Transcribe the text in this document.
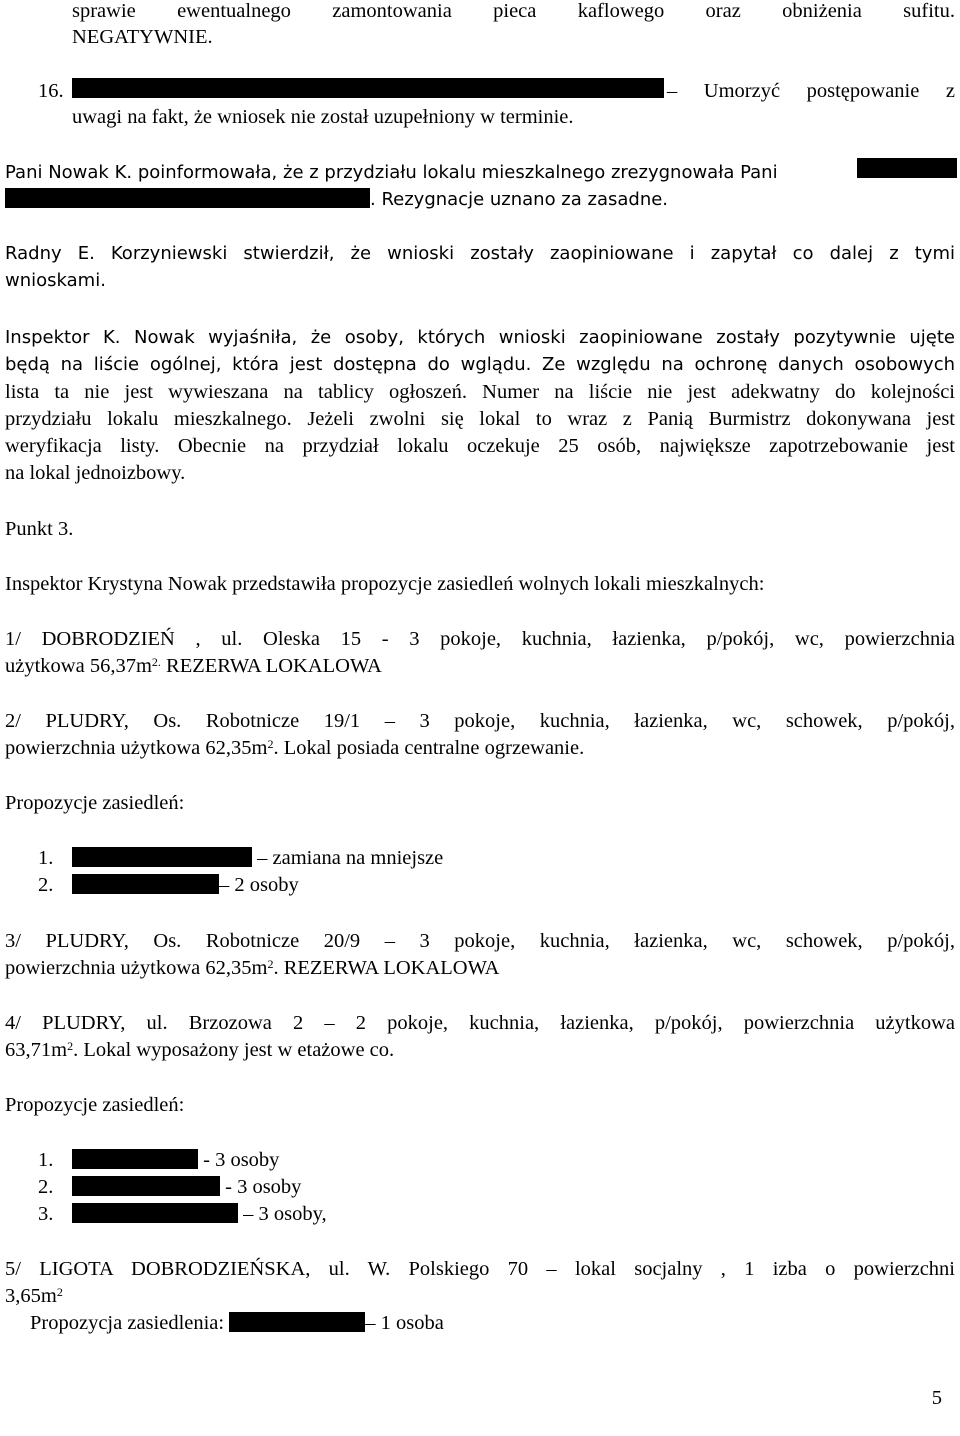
sprawie ewentualnego zamontowania pieca kaflowego oraz obniżenia sufitu.
NEGATYWNIE.
16.	– Umorzyć postępowanie z
uwagi na fakt, że wniosek nie został uzupełniony w terminie.
Pani Nowak K. poinformowała, że z przydziału lokalu mieszkalnego zrezygnowała Pani
. Rezygnacje uznano za zasadne.
Radny E. Korzyniewski stwierdził, że wnioski zostały zaopiniowane i zapytał co dalej z tymi
wnioskami.
Inspektor K. Nowak wyjaśniła, że osoby, których wnioski zaopiniowane zostały pozytywnie ujęte
będą na liście ogólnej, która jest dostępna do wglądu. Ze względu na ochronę danych osobowych
lista ta nie jest wywieszana na tablicy ogłoszeń. Numer na liście nie jest adekwatny do kolejności
przydziału lokalu mieszkalnego. Jeżeli zwolni się lokal to wraz z Panią Burmistrz dokonywana jest
weryfikacja listy. Obecnie na przydział lokalu oczekuje 25 osób, największe zapotrzebowanie jest
na lokal jednoizbowy.
Punkt 3.
Inspektor Krystyna Nowak przedstawiła propozycje zasiedleń wolnych lokali mieszkalnych:
1/ DOBRODZIEŃ , ul. Oleska 15 - 3 pokoje, kuchnia, łazienka, p/pokój, wc, powierzchnia
użytkowa $56,37m^{2.}$ REZERWA LOKALOWA
2/ PLUDRY, Os. Robotnicze 19/1 – 3 pokoje, kuchnia, łazienka, wc, schowek, p/pokój,
powierzchnia użytkowa $62,35m^2$. Lokal posiada centralne ogrzewanie.
Propozycje zasiedleń:
1.	– zamiana na mniejsze
2.	– 2 osoby
3/ PLUDRY, Os. Robotnicze 20/9 – 3 pokoje, kuchnia, łazienka, wc, schowek, p/pokój,
powierzchnia użytkowa $62,35m^2$. REZERWA LOKALOWA
4/ PLUDRY, ul. Brzozowa 2 – 2 pokoje, kuchnia, łazienka, p/pokój, powierzchnia użytkowa
$63,71m^2$. Lokal wyposażony jest w etażowe co.
Propozycje zasiedleń:
1.	- 3 osoby
2.	- 3 osoby
3.	– 3 osoby,
5/ LIGOTA DOBRODZIEŃSKA, ul. W. Polskiego 70 – lokal socjalny , 1 izba o powierzchni
$3,65m^2$
Propozycja zasiedlenia:	– 1 osoba
5
